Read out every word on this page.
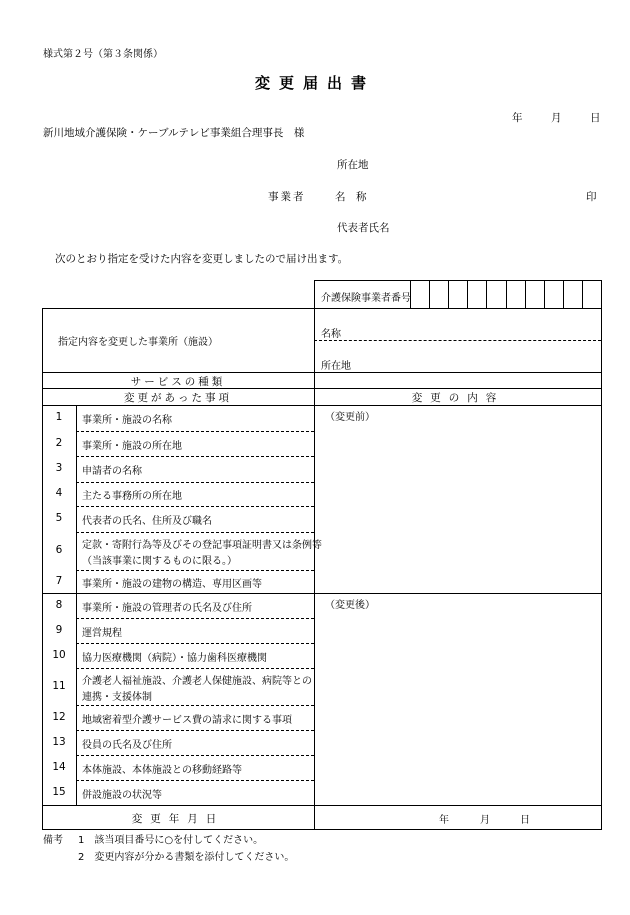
様式第２号（第３条関係）
変更届出書
年	月	日
新川地域介護保険・ケーブルテレビ事業組合理事長　様
所在地
事業者	名　称	印
代表者氏名
次のとおり指定を受けた内容を変更しましたので届け出ます。
介護保険事業者番号
指定内容を変更した事業所（施設）
名称
所在地
サービスの種類
変更があった事項	変更の内容
（変更前）
（変更後）
1	事業所・施設の名称
2	事業所・施設の所在地
3	申請者の名称
4	主たる事務所の所在地
5	代表者の氏名、住所及び職名
6	定款・寄附行為等及びその登記事項証明書又は条例等
（当該事業に関するものに限る。）
7	事業所・施設の建物の構造、専用区画等
8	事業所・施設の管理者の氏名及び住所
9	運営規程
10	協力医療機関（病院）・協力歯科医療機関
11	介護老人福祉施設、介護老人保健施設、病院等との
連携・支援体制
12	地域密着型介護サービス費の請求に関する事項
13	役員の氏名及び住所
14	本体施設、本体施設との移動経路等
15	併設施設の状況等
変更年月日	年	月	日
備考 1　該当項目番号に○を付してください。
2　変更内容が分かる書類を添付してください。
